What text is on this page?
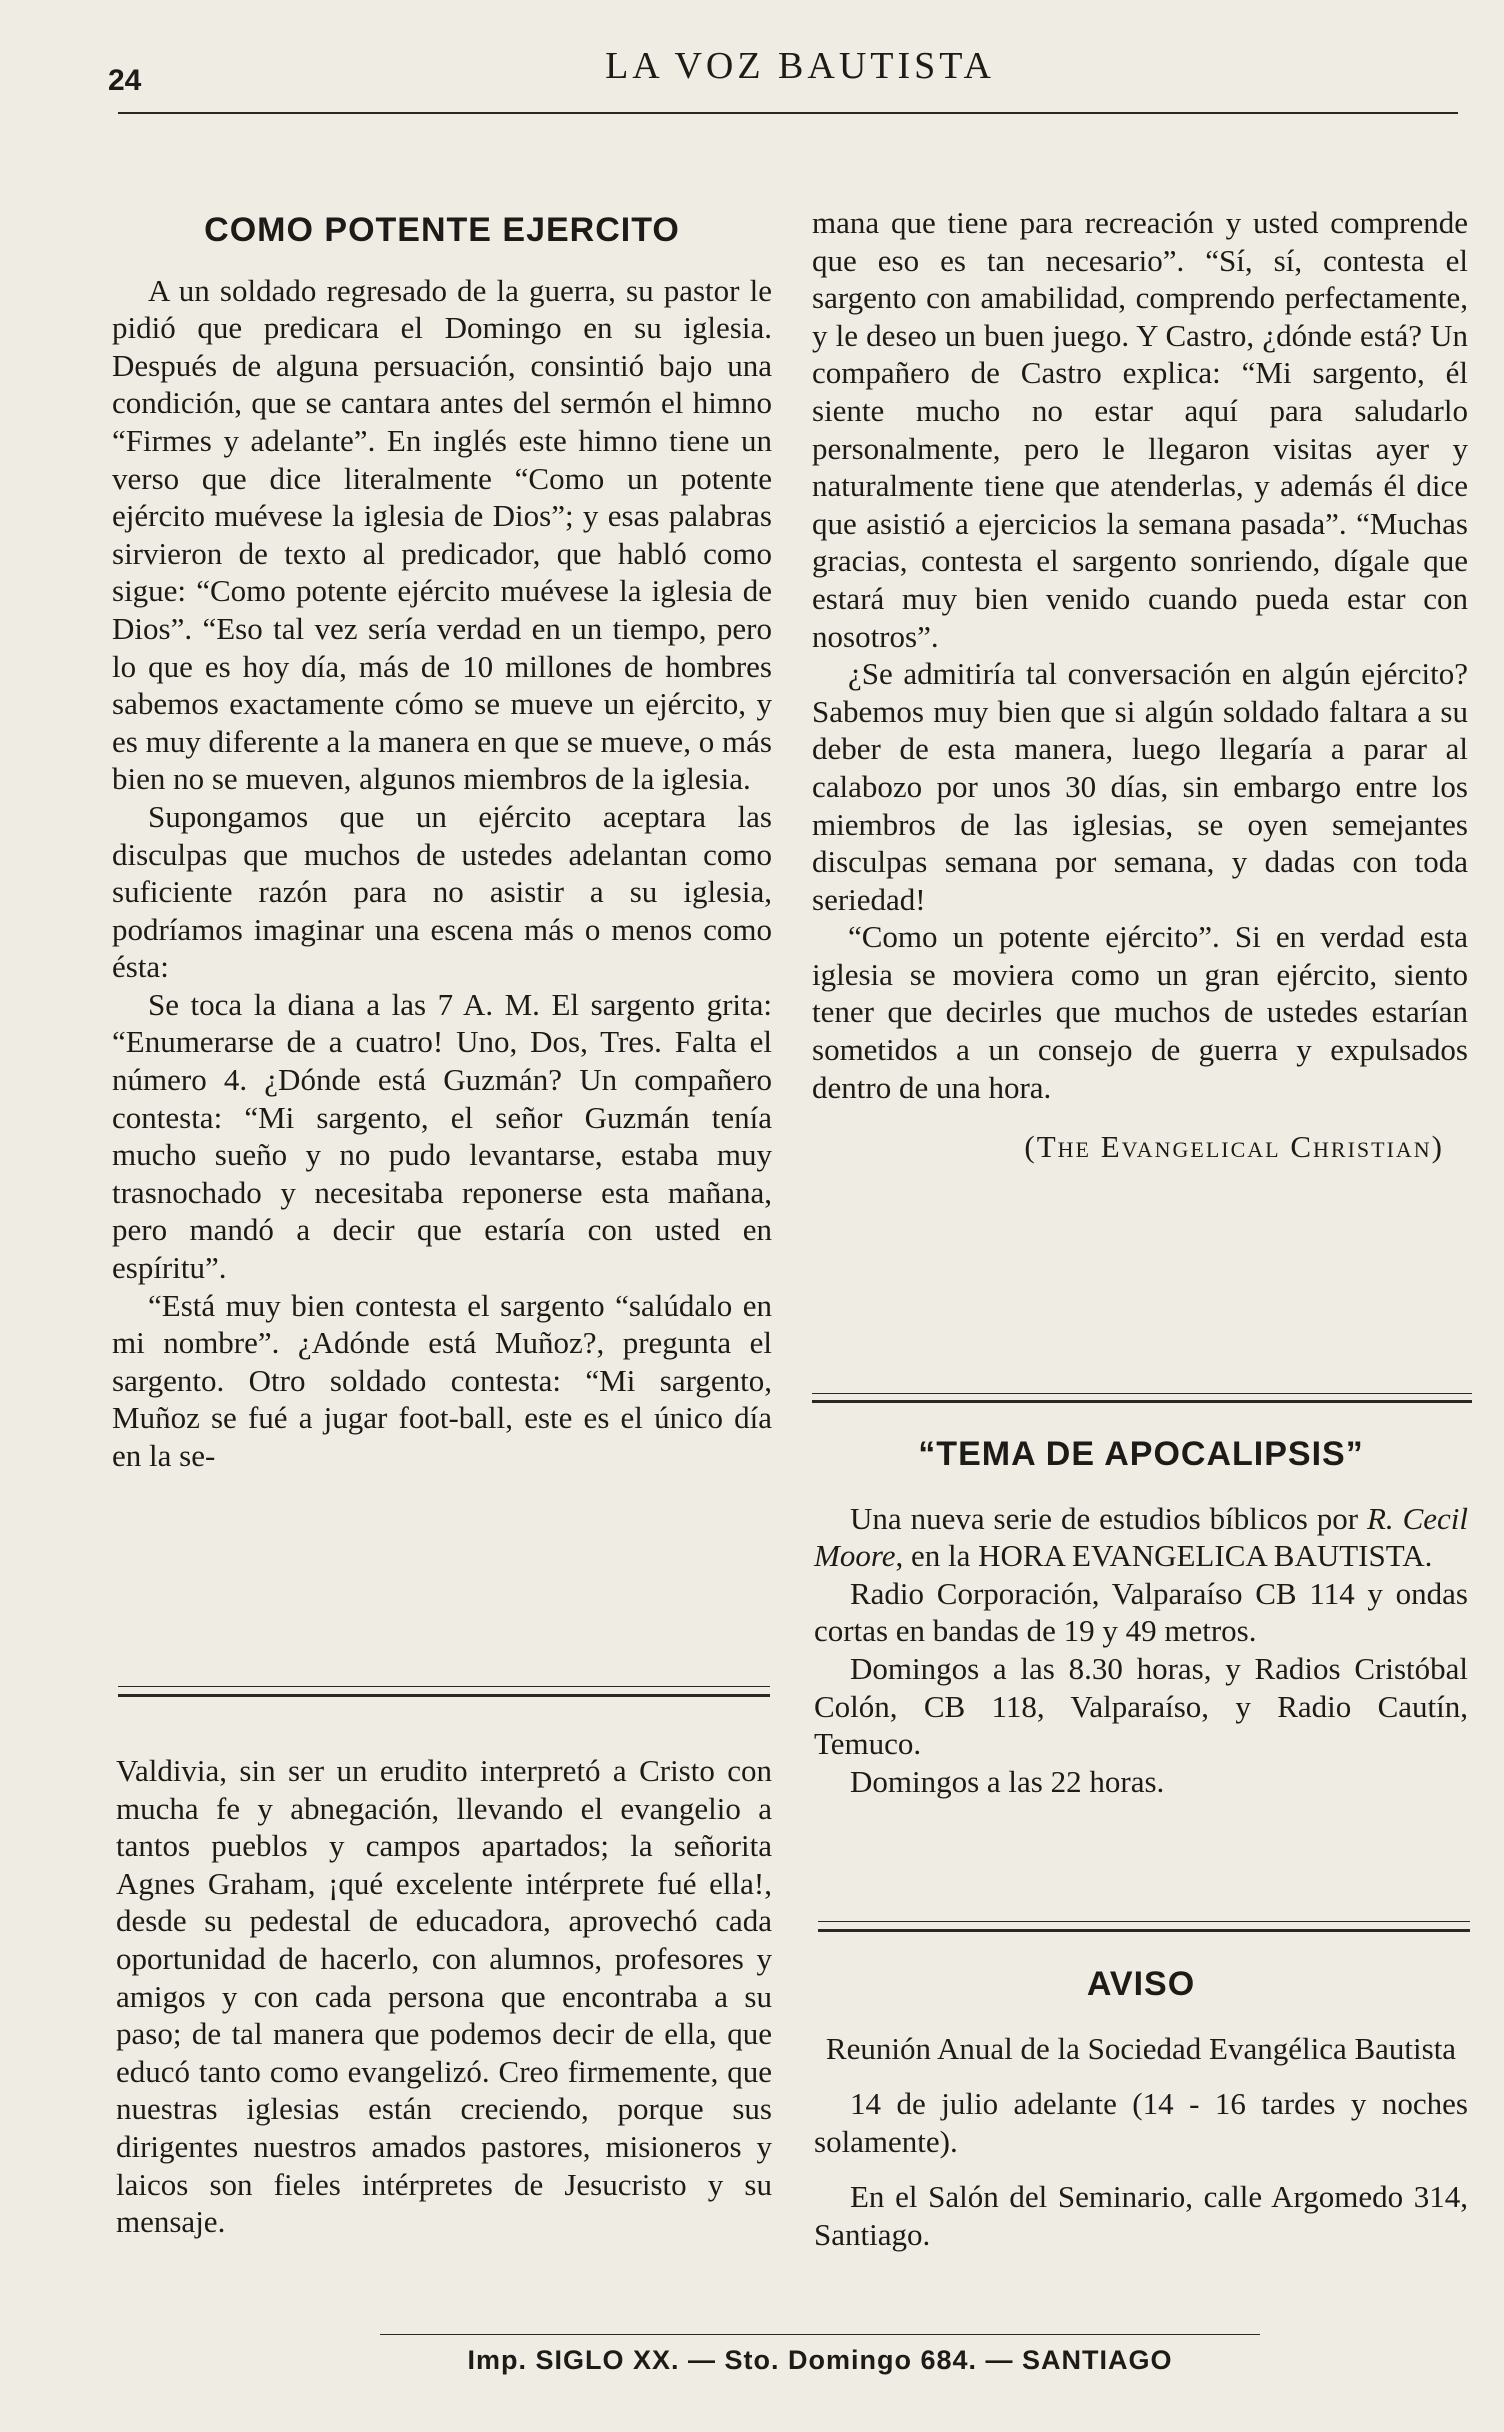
24	LA VOZ BAUTISTA
COMO POTENTE EJERCITO

A un soldado regresado de la guerra, su pastor le pidió que predicara el Domingo en su iglesia. Después de alguna persuación, consintió bajo una condición, que se cantara antes del sermón el himno “Firmes y adelante”. En inglés este himno tiene un verso que dice literalmente “Como un potente ejército muévese la iglesia de Dios”; y esas palabras sirvieron de texto al predicador, que habló como sigue: “Como potente ejército muévese la iglesia de Dios”. “Eso tal vez sería verdad en un tiempo, pero lo que es hoy día, más de 10 millones de hombres sabemos exactamente cómo se mueve un ejército, y es muy diferente a la manera en que se mueve, o más bien no se mueven, algunos miembros de la iglesia.

Supongamos que un ejército aceptara las disculpas que muchos de ustedes adelantan como suficiente razón para no asistir a su iglesia, podríamos imaginar una escena más o menos como ésta:

Se toca la diana a las 7 A. M. El sargento grita: “Enumerarse de a cuatro! Uno, Dos, Tres. Falta el número 4. ¿Dónde está Guzmán? Un compañero contesta: “Mi sargento, el señor Guzmán tenía mucho sueño y no pudo levantarse, estaba muy trasnochado y necesitaba reponerse esta mañana, pero mandó a decir que estaría con usted en espíritu”.

“Está muy bien contesta el sargento “salúdalo en mi nombre”. ¿Adónde está Muñoz?, pregunta el sargento. Otro soldado contesta: “Mi sargento, Muñoz se fué a jugar foot-ball, este es el único día en la se-

mana que tiene para recreación y usted comprende que eso es tan necesario”. “Sí, sí, contesta el sargento con amabilidad, comprendo perfectamente, y le deseo un buen juego. Y Castro, ¿dónde está? Un compañero de Castro explica: “Mi sargento, él siente mucho no estar aquí para saludarlo personalmente, pero le llegaron visitas ayer y naturalmente tiene que atenderlas, y además él dice que asistió a ejercicios la semana pasada”. “Muchas gracias, contesta el sargento sonriendo, dígale que estará muy bien venido cuando pueda estar con nosotros”.

¿Se admitiría tal conversación en algún ejército? Sabemos muy bien que si algún soldado faltara a su deber de esta manera, luego llegaría a parar al calabozo por unos 30 días, sin embargo entre los miembros de las iglesias, se oyen semejantes disculpas semana por semana, y dadas con toda seriedad!

“Como un potente ejército”. Si en verdad esta iglesia se moviera como un gran ejército, siento tener que decirles que muchos de ustedes estarían sometidos a un consejo de guerra y expulsados dentro de una hora.

(The Evangelical Christian)

Valdivia, sin ser un erudito interpretó a Cristo con mucha fe y abnegación, llevando el evangelio a tantos pueblos y campos apartados; la señorita Agnes Graham, ¡qué excelente intérprete fué ella!, desde su pedestal de educadora, aprovechó cada oportunidad de hacerlo, con alumnos, profesores y amigos y con cada persona que encontraba a su paso; de tal manera que podemos decir de ella, que educó tanto como evangelizó. Creo firmemente, que nuestras iglesias están creciendo, porque sus dirigentes nuestros amados pastores, misioneros y laicos son fieles intérpretes de Jesucristo y su mensaje.

“TEMA DE APOCALIPSIS”

Una nueva serie de estudios bíblicos por R. Cecil Moore, en la HORA EVANGELICA BAUTISTA.

Radio Corporación, Valparaíso CB 114 y ondas cortas en bandas de 19 y 49 metros.

Domingos a las 8.30 horas, y Radios Cristóbal Colón, CB 118, Valparaíso, y Radio Cautín, Temuco.

Domingos a las 22 horas.

AVISO

Reunión Anual de la Sociedad Evangélica Bautista

14 de julio adelante (14 - 16 tardes y noches solamente).

En el Salón del Seminario, calle Argomedo 314, Santiago.

Imp. SIGLO XX. — Sto. Domingo 684. — SANTIAGO
